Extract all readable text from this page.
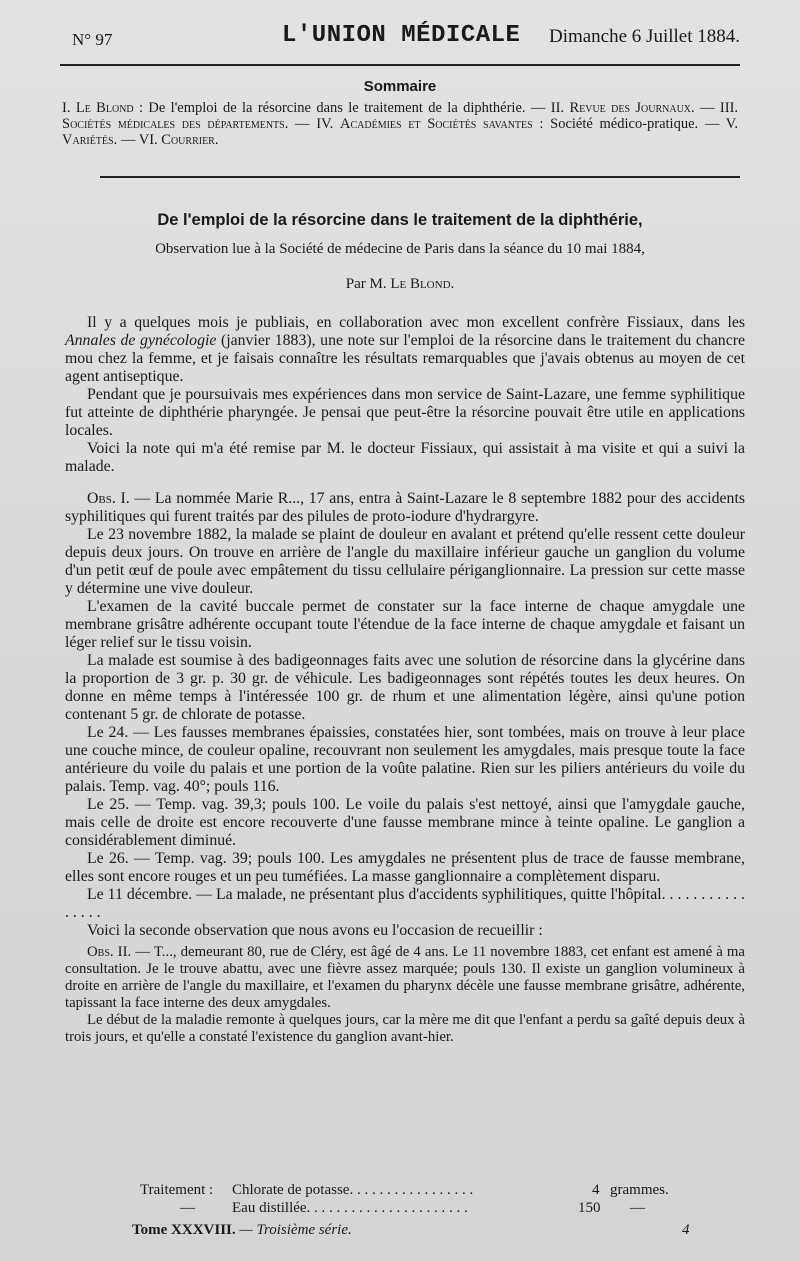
N° 97	L'UNION MÉDICALE Dimanche 6 Juillet 1884.
Sommaire
I. Le Blond : De l'emploi de la résorcine dans le traitement de la diphthérie. — II. Revue des Journaux. — III. Sociétés médicales des départements. — IV. Académies et Sociétés savantes : Société médico-pratique. — V. Variétés. — VI. Courrier.
De l'emploi de la résorcine dans le traitement de la diphthérie,
Observation lue à la Société de médecine de Paris dans la séance du 10 mai 1884,
Par M. Le Blond.

Il y a quelques mois je publiais, en collaboration avec mon excellent confrère Fissiaux, dans les Annales de gynécologie (janvier 1883), une note sur l'emploi de la résorcine dans le traitement du chancre mou chez la femme, et je faisais connaître les résultats remarquables que j'avais obtenus au moyen de cet agent antiseptique.

Pendant que je poursuivais mes expériences dans mon service de Saint-Lazare, une femme syphilitique fut atteinte de diphthérie pharyngée. Je pensai que peut-être la résorcine pouvait être utile en applications locales.

Voici la note qui m'a été remise par M. le docteur Fissiaux, qui assistait à ma visite et qui a suivi la malade.

Obs. I. — La nommée Marie R..., 17 ans, entra à Saint-Lazare le 8 septembre 1882 pour des accidents syphilitiques qui furent traités par des pilules de proto-iodure d'hydrargyre.

Le 23 novembre 1882, la malade se plaint de douleur en avalant et prétend qu'elle ressent cette douleur depuis deux jours. On trouve en arrière de l'angle du maxillaire inférieur gauche un ganglion du volume d'un petit œuf de poule avec empâtement du tissu cellulaire périganglionnaire. La pression sur cette masse y détermine une vive douleur.

L'examen de la cavité buccale permet de constater sur la face interne de chaque amygdale une membrane grisâtre adhérente occupant toute l'étendue de la face interne de chaque amygdale et faisant un léger relief sur le tissu voisin.

La malade est soumise à des badigeonnages faits avec une solution de résorcine dans la glycérine dans la proportion de 3 gr. p. 30 gr. de véhicule. Les badigeonnages sont répétés toutes les deux heures. On donne en même temps à l'intéressée 100 gr. de rhum et une alimentation légère, ainsi qu'une potion contenant 5 gr. de chlorate de potasse.

Le 24. — Les fausses membranes épaissies, constatées hier, sont tombées, mais on trouve à leur place une couche mince, de couleur opaline, recouvrant non seulement les amygdales, mais presque toute la face antérieure du voile du palais et une portion de la voûte palatine. Rien sur les piliers antérieurs du voile du palais. Temp. vag. 40°; pouls 116.

Le 25. — Temp. vag. 39,3; pouls 100. Le voile du palais s'est nettoyé, ainsi que l'amygdale gauche, mais celle de droite est encore recouverte d'une fausse membrane mince à teinte opaline. Le ganglion a considérablement diminué.

Le 26. — Temp. vag. 39; pouls 100. Les amygdales ne présentent plus de trace de fausse membrane, elles sont encore rouges et un peu tuméfiées. La masse ganglionnaire a complètement disparu.

Le 11 décembre. — La malade, ne présentant plus d'accidents syphilitiques, quitte l'hôpital. . . . . . . . . . . . . . . .

Voici la seconde observation que nous avons eu l'occasion de recueillir :

Obs. II. — T..., demeurant 80, rue de Cléry, est âgé de 4 ans. Le 11 novembre 1883, cet enfant est amené à ma consultation. Je le trouve abattu, avec une fièvre assez marquée; pouls 130. Il existe un ganglion volumineux à droite en arrière de l'angle du maxillaire, et l'examen du pharynx décèle une fausse membrane grisâtre, adhérente, tapissant la face interne des deux amygdales.

Le début de la maladie remonte à quelques jours, car la mère me dit que l'enfant a perdu sa gaîté depuis deux à trois jours, et qu'elle a constaté l'existence du ganglion avant-hier.

Traitement : Chlorate de potasse. . . . . . . . . . . . . . . . .	4 grammes.
— Eau distillée. . . . . . . . . . . . . . . . . . . . . .	150 —
Tome XXXVIII. — Troisième série.	4
